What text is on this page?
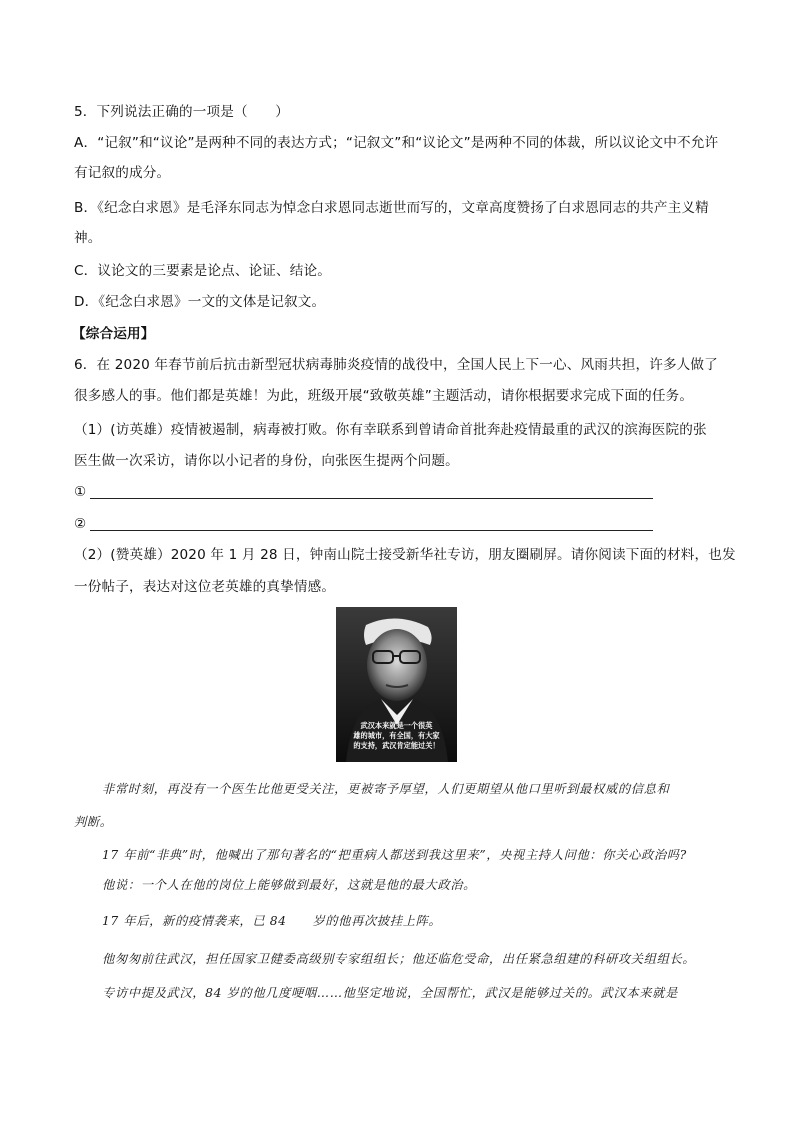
5．下列说法正确的一项是（　　）
A．“记叙”和“议论”是两种不同的表达方式；“记叙文”和“议论文”是两种不同的体裁，所以议论文中不允许
有记叙的成分。
B．《纪念白求恩》是毛泽东同志为悼念白求恩同志逝世而写的，文章高度赞扬了白求恩同志的共产主义精
神。
C．议论文的三要素是论点、论证、结论。
D．《纪念白求恩》一文的文体是记叙文。
【综合运用】
6．在 2020 年春节前后抗击新型冠状病毒肺炎疫情的战役中，全国人民上下一心、风雨共担，许多人做了
很多感人的事。他们都是英雄！为此，班级开展“致敬英雄”主题活动，请你根据要求完成下面的任务。
（1）(访英雄）疫情被遏制，病毒被打败。你有幸联系到曾请命首批奔赴疫情最重的武汉的滨海医院的张
医生做一次采访，请你以小记者的身份，向张医生提两个问题。
①
②
（2）(赞英雄）2020 年 1 月 28 日，钟南山院士接受新华社专访，朋友圈刷屏。请你阅读下面的材料，也发
一份帖子，表达对这位老英雄的真挚情感。
武汉本来就是一个很英
雄的城市，有全国，有大家
的支持，武汉肯定能过关！
非常时刻，再没有一个医生比他更受关注，更被寄予厚望，人们更期望从他口里听到最权威的信息和
判断。
17 年前“非典”时，他喊出了那句著名的“把重病人都送到我这里来”，央视主持人问他：你关心政治吗?
他说：一个人在他的岗位上能够做到最好，这就是他的最大政治。
17 年后，新的疫情袭来，已 84　　岁的他再次披挂上阵。
他匆匆前往武汉，担任国家卫健委高级别专家组组长；他还临危受命，出任紧急组建的科研攻关组组长。
专访中提及武汉，84 岁的他几度哽咽……他坚定地说，全国帮忙，武汉是能够过关的。武汉本来就是
